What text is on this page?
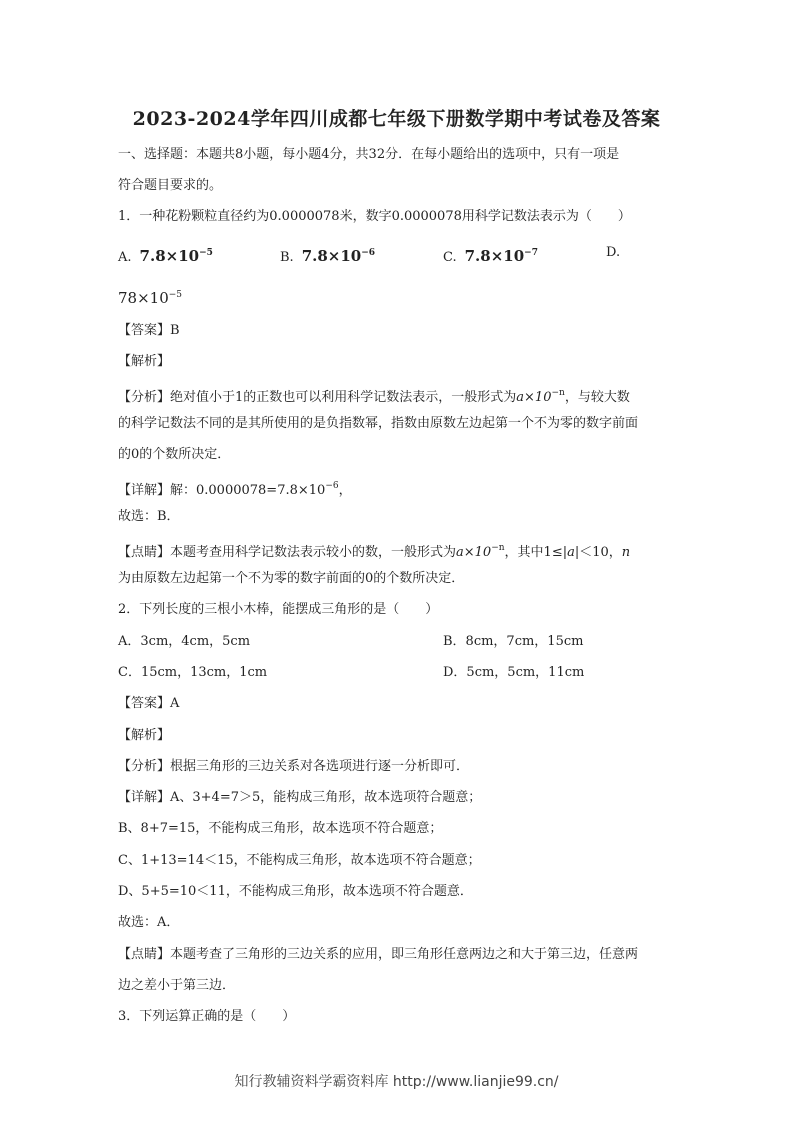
2023-2024学年四川成都七年级下册数学期中考试卷及答案
一、选择题：本题共8小题，每小题4分，共32分．在每小题给出的选项中，只有一项是
符合题目要求的。
1．一种花粉颗粒直径约为0.0000078米，数字0.0000078用科学记数法表示为（　　）
A. $7.8\times 10^{-5}$	B. $7.8\times 10^{-6}$	C. $7.8\times 10^{-7}$	D.
$78\times 10^{-5}$
【答案】B
【解析】
【分析】绝对值小于1的正数也可以利用科学记数法表示，一般形式为$a\times 10^{-n}$，与较大数
的科学记数法不同的是其所使用的是负指数幂，指数由原数左边起第一个不为零的数字前面
的0的个数所决定．
【详解】解：$0.0000078=7.8\times 10^{-6}$，
故选：B．
【点睛】本题考查用科学记数法表示较小的数，一般形式为$a\times 10^{-n}$，其中1≤|a|＜10，n
为由原数左边起第一个不为零的数字前面的0的个数所决定．
2．下列长度的三根小木棒，能摆成三角形的是（　　）
A．3cm，4cm，5cm	B．8cm，7cm，15cm
C．15cm，13cm，1cm	D．5cm，5cm，11cm
【答案】A
【解析】
【分析】根据三角形的三边关系对各选项进行逐一分析即可．
【详解】A、3+4=7＞5，能构成三角形，故本选项符合题意；
B、8+7=15，不能构成三角形，故本选项不符合题意；
C、1+13=14＜15，不能构成三角形，故本选项不符合题意；
D、5+5=10＜11，不能构成三角形，故本选项不符合题意．
故选：A．
【点睛】本题考查了三角形的三边关系的应用，即三角形任意两边之和大于第三边，任意两
边之差小于第三边．
3．下列运算正确的是（　　）
知行教辅资料学霸资料库 http://www.lianjie99.cn/
